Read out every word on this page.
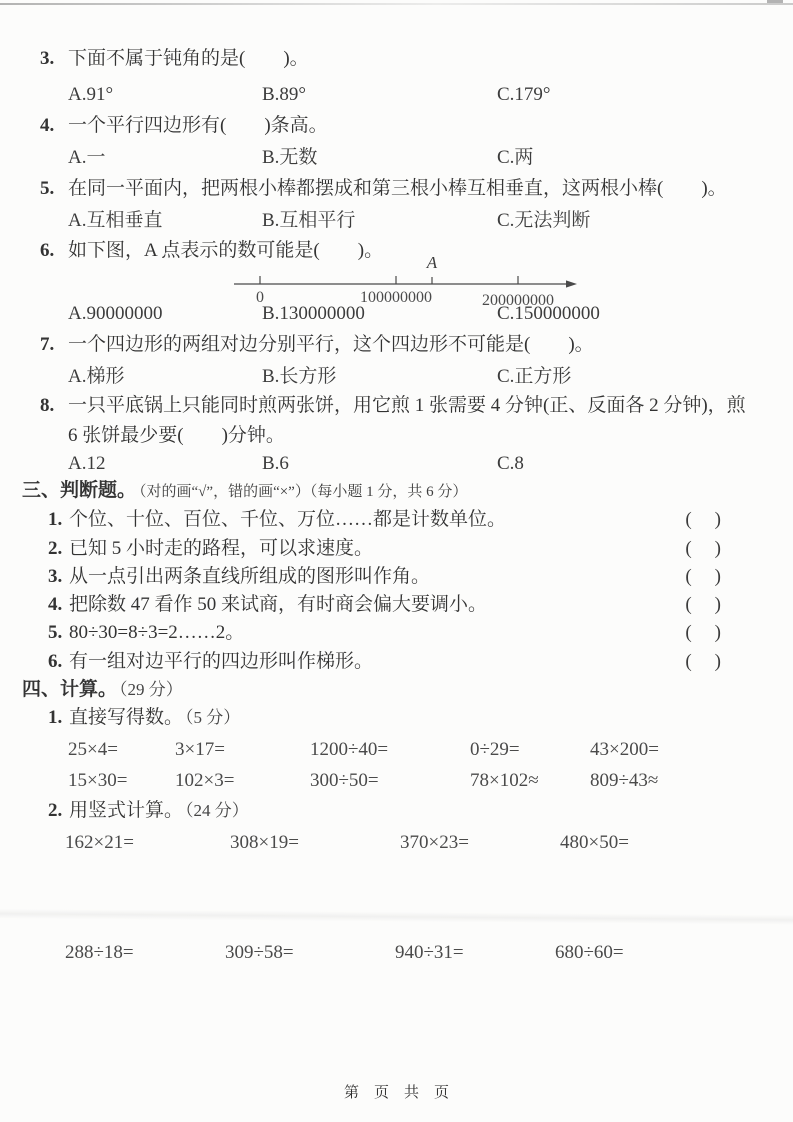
3. 下面不属于钝角的是(　　)。
A.91°	B.89°	C.179°
4. 一个平行四边形有(　　)条高。
A.一	B.无数	C.两
5. 在同一平面内，把两根小棒都摆成和第三根小棒互相垂直，这两根小棒(　　)。
A.互相垂直	B.互相平行	C.无法判断
6. 如下图，A 点表示的数可能是(　　)。
A
0	100000000	200000000
A.90000000	B.130000000	C.150000000
7. 一个四边形的两组对边分别平行，这个四边形不可能是(　　)。
A.梯形	B.长方形	C.正方形
8. 一只平底锅上只能同时煎两张饼，用它煎 1 张需要 4 分钟(正、反面各 2 分钟)，煎
6 张饼最少要(　　)分钟。
A.12	B.6	C.8
三、判断题。 （对的画“√”，错的画“×”）（每小题 1 分，共 6 分）
1. 个位、十位、百位、千位、万位……都是计数单位。	(　)
2. 已知 5 小时走的路程，可以求速度。	(　)
3. 从一点引出两条直线所组成的图形叫作角。	(　)
4. 把除数 47 看作 50 来试商，有时商会偏大要调小。	(　)
5. 80÷30=8÷3=2……2。	(　)
6. 有一组对边平行的四边形叫作梯形。	(　)
四、计算。 （29 分）
1. 直接写得数。 （5 分）
25×4=	3×17=	1200÷40=	0÷29=	43×200=
15×30=	102×3=	300÷50=	78×102≈	809÷43≈
2. 用竖式计算。 （24 分）
162×21=	308×19=	370×23=	480×50=
288÷18=	309÷58=	940÷31=	680÷60=
第　页　共　页
